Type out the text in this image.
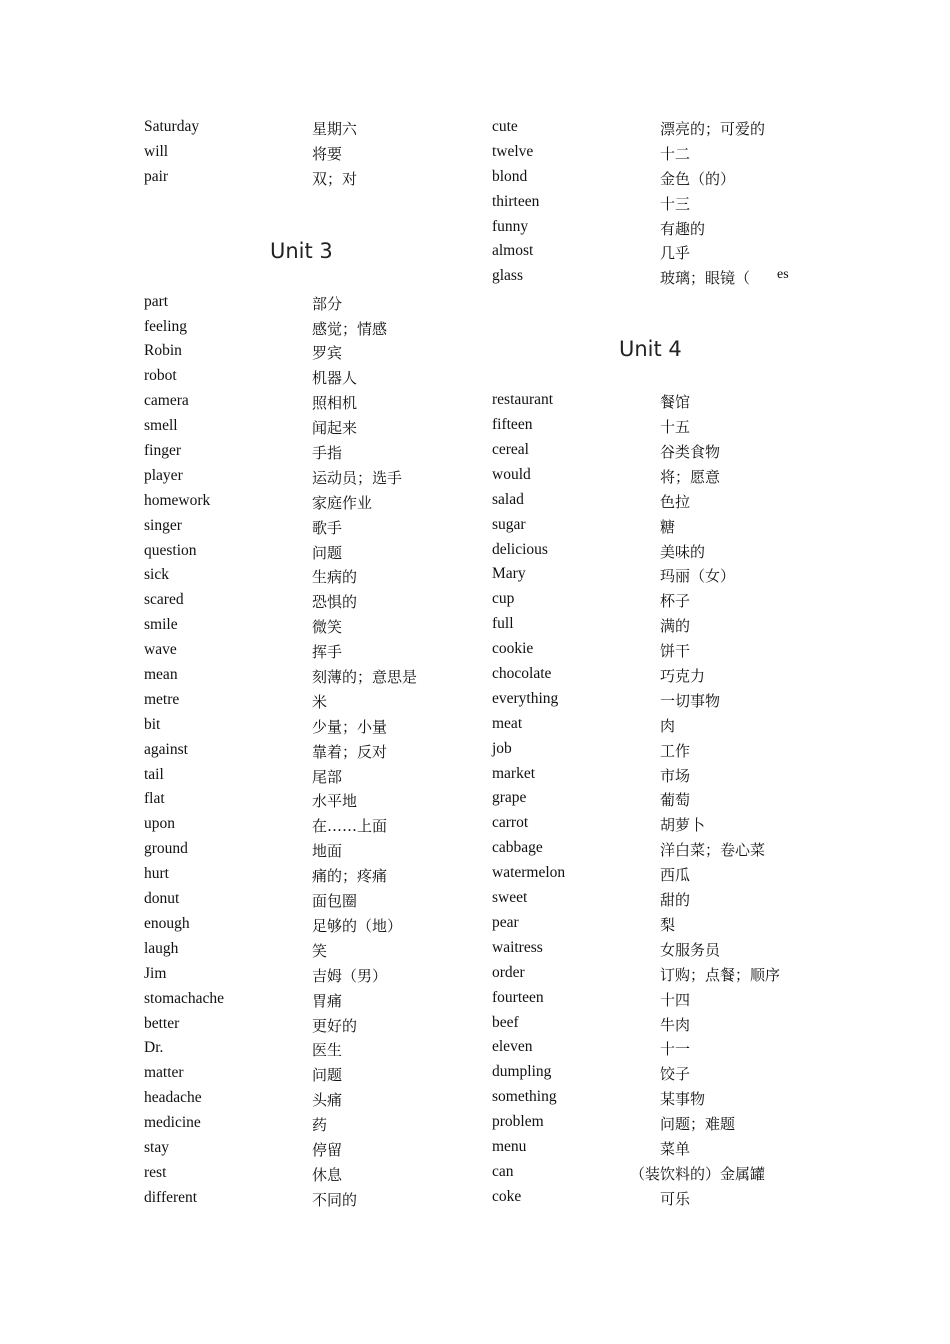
Saturday	星期六
will	将要
pair	双；对
Unit 3
part	部分
feeling	感觉；情感
Robin	罗宾
robot	机器人
camera	照相机
smell	闻起来
finger	手指
player	运动员；选手
homework	家庭作业
singer	歌手
question	问题
sick	生病的
scared	恐惧的
smile	微笑
wave	挥手
mean	刻薄的；意思是
metre	米
bit	少量；小量
against	靠着；反对
tail	尾部
flat	水平地
upon	在……上面
ground	地面
hurt	痛的；疼痛
donut	面包圈
enough	足够的（地）
laugh	笑
Jim	吉姆（男）
stomachache	胃痛
better	更好的
Dr.	医生
matter	问题
headache	头痛
medicine	药
stay	停留
rest	休息
different	不同的
cute	漂亮的；可爱的
twelve	十二
blond	金色（的）
thirteen	十三
funny	有趣的
almost	几乎
glass	玻璃；眼镜（ es
Unit 4
restaurant	餐馆
fifteen	十五
cereal	谷类食物
would	将；愿意
salad	色拉
sugar	糖
delicious	美味的
Mary	玛丽（女）
cup	杯子
full	满的
cookie	饼干
chocolate	巧克力
everything	一切事物
meat	肉
job	工作
market	市场
grape	葡萄
carrot	胡萝卜
cabbage	洋白菜；卷心菜
watermelon	西瓜
sweet	甜的
pear	梨
waitress	女服务员
order	订购；点餐；顺序
fourteen	十四
beef	牛肉
eleven	十一
dumpling	饺子
something	某事物
problem	问题；难题
menu	菜单
can	（装饮料的）金属罐
coke	可乐
